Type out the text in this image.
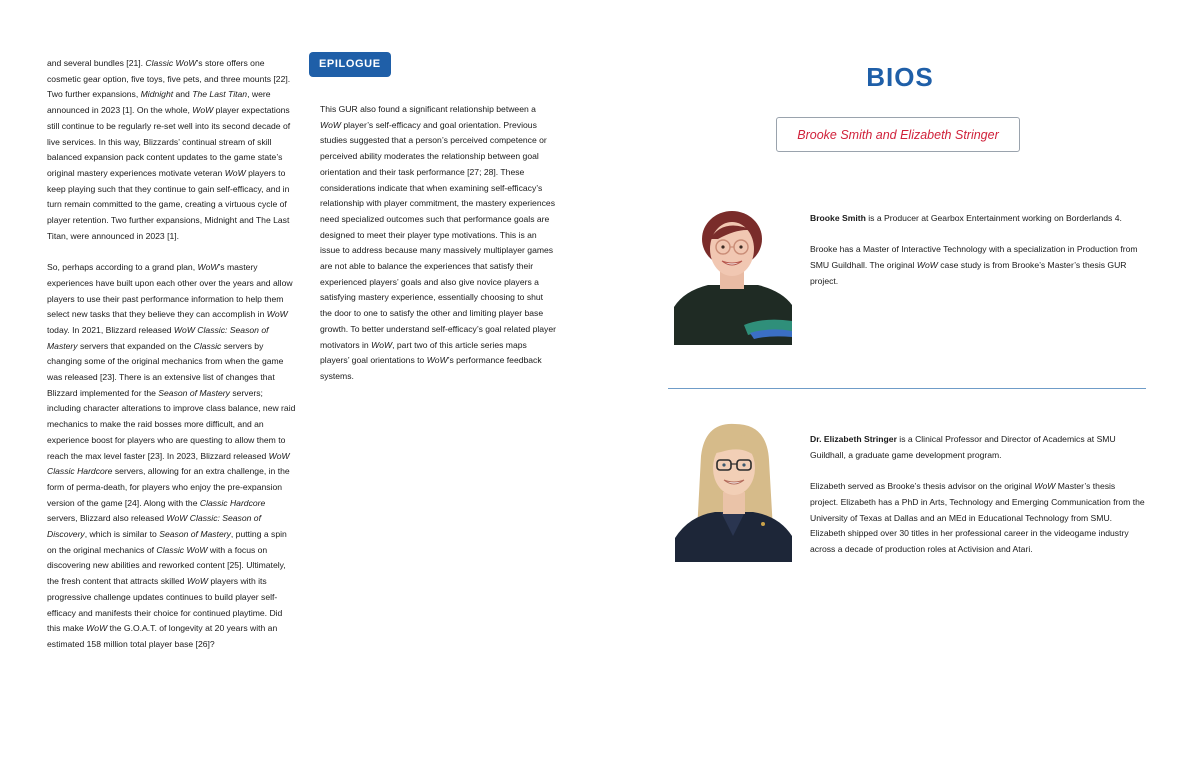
and several bundles [21]. Classic WoW’s store offers one cosmetic gear option, five toys, five pets, and three mounts [22]. Two further expansions, Midnight and The Last Titan, were announced in 2023 [1]. On the whole, WoW player expectations still continue to be regularly re-set well into its second decade of live services. In this way, Blizzards’ continual stream of skill balanced expansion pack content updates to the game state’s original mastery experiences motivate veteran WoW players to keep playing such that they continue to gain self-efficacy, and in turn remain committed to the game, creating a virtuous cycle of player retention. Two further expansions, Midnight and The Last Titan, were announced in 2023 [1].

So, perhaps according to a grand plan, WoW’s mastery experiences have built upon each other over the years and allow players to use their past performance information to help them select new tasks that they believe they can accomplish in WoW today. In 2021, Blizzard released WoW Classic: Season of Mastery servers that expanded on the Classic servers by changing some of the original mechanics from when the game was released [23]. There is an extensive list of changes that Blizzard implemented for the Season of Mastery servers; including character alterations to improve class balance, new raid mechanics to make the raid bosses more difficult, and an experience boost for players who are questing to allow them to reach the max level faster [23]. In 2023, Blizzard released WoW Classic Hardcore servers, allowing for an extra challenge, in the form of perma-death, for players who enjoy the pre-expansion version of the game [24]. Along with the Classic Hardcore servers, Blizzard also released WoW Classic: Season of Discovery, which is similar to Season of Mastery, putting a spin on the original mechanics of Classic WoW with a focus on discovering new abilities and reworked content [25]. Ultimately, the fresh content that attracts skilled WoW players with its progressive challenge updates continues to build player self-efficacy and manifests their choice for continued playtime. Did this make WoW the G.O.A.T. of longevity at 20 years with an estimated 158 million total player base [26]?

EPILOGUE

This GUR also found a significant relationship between a WoW player’s self-efficacy and goal orientation. Previous studies suggested that a person’s perceived competence or perceived ability moderates the relationship between goal orientation and their task performance [27; 28]. These considerations indicate that when examining self-efficacy’s relationship with player commitment, the mastery experiences need specialized outcomes such that performance goals are designed to meet their player type motivations. This is an issue to address because many massively multiplayer games are not able to balance the experiences that satisfy their experienced players’ goals and also give novice players a satisfying mastery experience, essentially choosing to shut the door to one to satisfy the other and limiting player base growth. To better understand self-efficacy’s goal related player motivators in WoW, part two of this article series maps players’ goal orientations to WoW’s performance feedback systems.

BIOS
Brooke Smith and Elizabeth Stringer

Brooke Smith is a Producer at Gearbox Entertainment working on Borderlands 4.

Brooke has a Master of Interactive Technology with a specialization in Production from SMU Guildhall. The original WoW case study is from Brooke’s Master’s thesis GUR project.

Dr. Elizabeth Stringer is a Clinical Professor and Director of Academics at SMU Guildhall, a graduate game development program.

Elizabeth served as Brooke’s thesis advisor on the original WoW Master’s thesis project. Elizabeth has a PhD in Arts, Technology and Emerging Communication from the University of Texas at Dallas and an MEd in Educational Technology from SMU. Elizabeth shipped over 30 titles in her professional career in the videogame industry across a decade of production roles at Activision and Atari.
